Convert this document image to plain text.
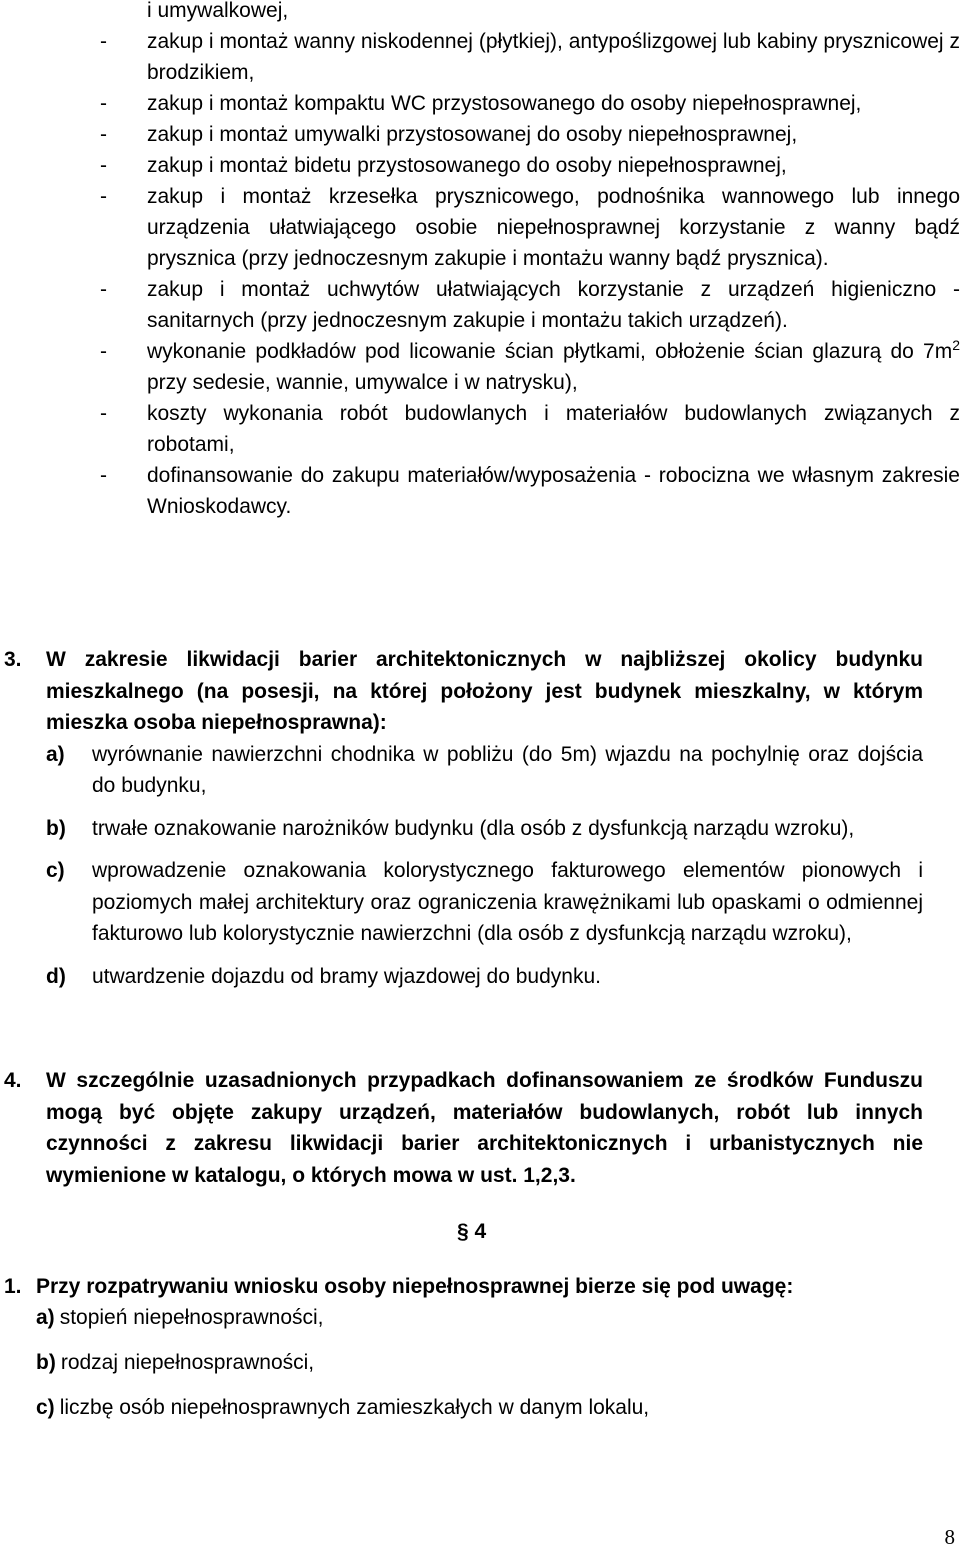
i umywalkowej,
-	zakup i montaż wanny niskodennej (płytkiej), antypoślizgowej lub kabiny prysznicowej z brodzikiem,
-	zakup i montaż kompaktu WC przystosowanego do osoby niepełnosprawnej,
-	zakup i montaż umywalki przystosowanej do osoby niepełnosprawnej,
-	zakup i montaż bidetu przystosowanego do osoby niepełnosprawnej,
-	zakup i montaż krzesełka prysznicowego, podnośnika wannowego lub innego urządzenia ułatwiającego osobie niepełnosprawnej korzystanie z wanny bądź prysznica (przy jednoczesnym zakupie i montażu wanny bądź prysznica).
-	zakup i montaż uchwytów ułatwiających korzystanie z urządzeń higieniczno - sanitarnych (przy jednoczesnym zakupie i montażu takich urządzeń).
-	wykonanie podkładów pod licowanie ścian płytkami, obłożenie ścian glazurą do $7m^2$ przy sedesie, wannie, umywalce i w natrysku),
-	koszty wykonania robót budowlanych i materiałów budowlanych związanych z robotami,
-	dofinansowanie do zakupu materiałów/wyposażenia - robocizna we własnym zakresie Wnioskodawcy.
3.	W zakresie likwidacji barier architektonicznych w najbliższej okolicy budynku mieszkalnego (na posesji, na której położony jest budynek mieszkalny, w którym mieszka osoba niepełnosprawna):
a)	wyrównanie nawierzchni chodnika w pobliżu (do 5m) wjazdu na pochylnię oraz dojścia do budynku,
b)	trwałe oznakowanie narożników budynku (dla osób z dysfunkcją narządu wzroku),
c)	wprowadzenie oznakowania kolorystycznego fakturowego elementów pionowych i poziomych małej architektury oraz ograniczenia krawężnikami lub opaskami o odmiennej fakturowo lub kolorystycznie nawierzchni (dla osób z dysfunkcją narządu wzroku),
d)	utwardzenie dojazdu od bramy wjazdowej do budynku.
4.	W szczególnie uzasadnionych przypadkach dofinansowaniem ze środków Funduszu mogą być objęte zakupy urządzeń, materiałów budowlanych, robót lub innych czynności z zakresu likwidacji barier architektonicznych i urbanistycznych nie wymienione w katalogu, o których mowa w ust. 1,2,3.
§ 4
1. Przy rozpatrywaniu wniosku osoby niepełnosprawnej bierze się pod uwagę:
a) stopień niepełnosprawności,
b) rodzaj niepełnosprawności,
c) liczbę osób niepełnosprawnych zamieszkałych w danym lokalu,
8
